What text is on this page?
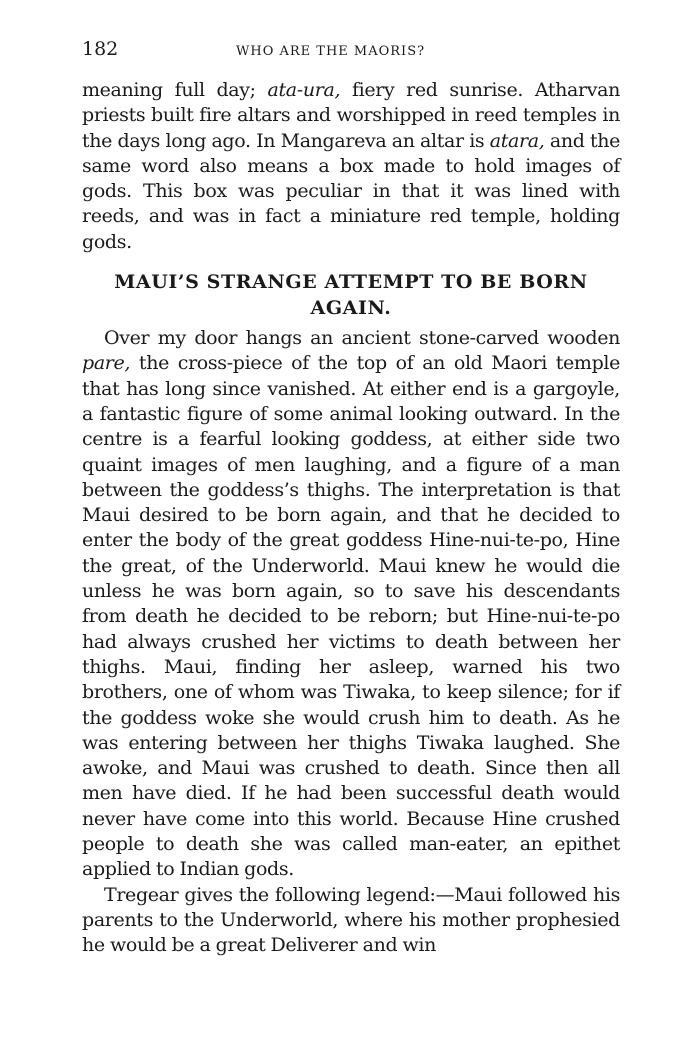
182	WHO ARE THE MAORIS?

meaning full day; ata-ura, fiery red sunrise. Atharvan priests built fire altars and worshipped in reed temples in the days long ago. In Mangareva an altar is atara, and the same word also means a box made to hold images of gods. This box was peculiar in that it was lined with reeds, and was in fact a miniature red temple, holding gods.

MAUI’S STRANGE ATTEMPT TO BE BORN
AGAIN.

Over my door hangs an ancient stone-carved wooden pare, the cross-piece of the top of an old Maori temple that has long since vanished. At either end is a gargoyle, a fantastic figure of some animal looking outward. In the centre is a fearful looking goddess, at either side two quaint images of men laughing, and a figure of a man between the goddess’s thighs. The interpretation is that Maui desired to be born again, and that he decided to enter the body of the great goddess Hine-nui-te-po, Hine the great, of the Underworld. Maui knew he would die unless he was born again, so to save his descendants from death he decided to be reborn; but Hine-nui-te-po had always crushed her victims to death between her thighs. Maui, finding her asleep, warned his two brothers, one of whom was Tiwaka, to keep silence; for if the goddess woke she would crush him to death. As he was entering between her thighs Tiwaka laughed. She awoke, and Maui was crushed to death. Since then all men have died. If he had been successful death would never have come into this world. Because Hine crushed people to death she was called man-eater, an epithet applied to Indian gods.

Tregear gives the following legend:—Maui followed his parents to the Underworld, where his mother prophesied he would be a great Deliverer and win
